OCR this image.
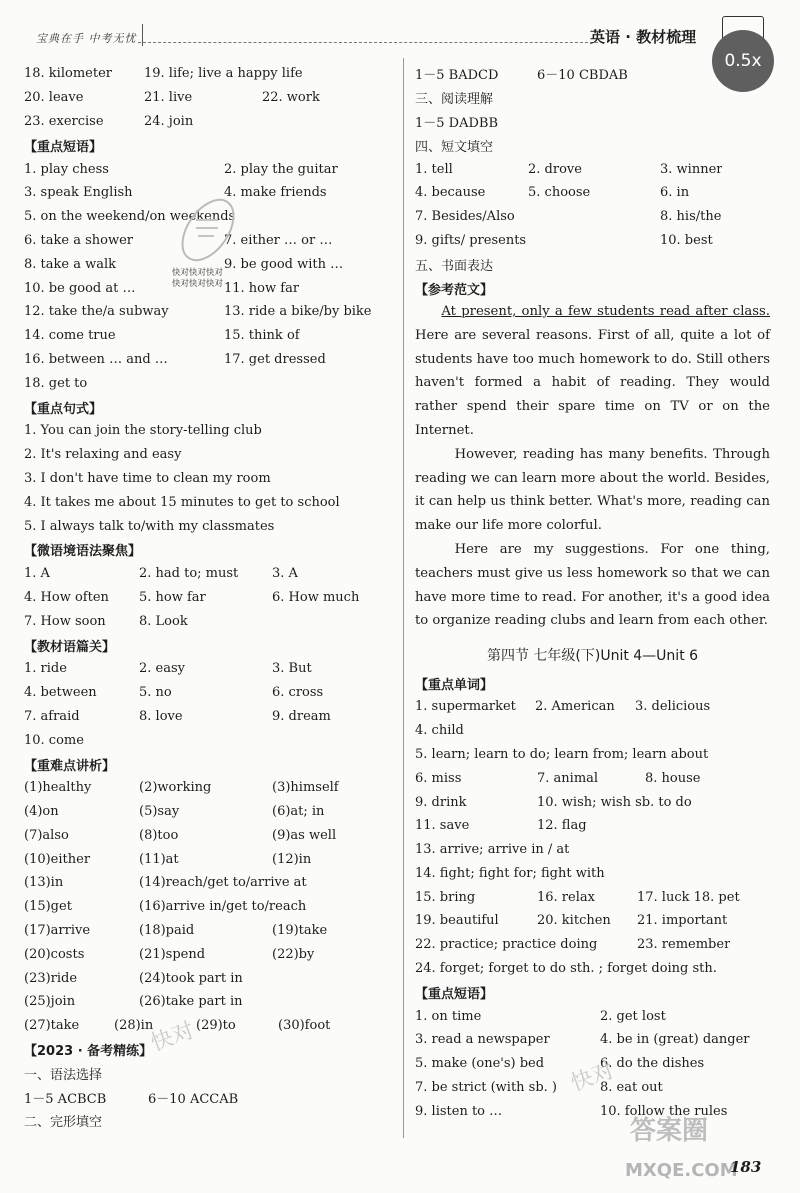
宝典在手 中考无忧	英语 · 教材梳理
0.5x
18. kilometer	19. life; live a happy life
20. leave	21. live	22. work
23. exercise	24. join
【重点短语】
1. play chess	2. play the guitar
3. speak English	4. make friends
5. on the weekend/on weekends
6. take a shower	7. either … or …
8. take a walk	9. be good with …
10. be good at …	11. how far
12. take the/a subway	13. ride a bike/by bike
14. come true	15. think of
16. between … and …	17. get dressed
18. get to
【重点句式】
1. You can join the story-telling club
2. It's relaxing and easy
3. I don't have time to clean my room
4. It takes me about 15 minutes to get to school
5. I always talk to/with my classmates
【微语境语法聚焦】
1. A	2. had to; must	3. A
4. How often	5. how far	6. How much
7. How soon	8. Look
【教材语篇关】
1. ride	2. easy	3. But
4. between	5. no	6. cross
7. afraid	8. love	9. dream
10. come
【重难点讲析】
(1)healthy	(2)working	(3)himself
(4)on	(5)say	(6)at; in
(7)also	(8)too	(9)as well
(10)either	(11)at	(12)in
(13)in	(14)reach/get to/arrive at
(15)get	(16)arrive in/get to/reach
(17)arrive	(18)paid	(19)take
(20)costs	(21)spend	(22)by
(23)ride	(24)took part in
(25)join	(26)take part in
(27)take	(28)in	(29)to	(30)foot
【2023 · 备考精练】
一、语法选择
1－5 ACBCB	6－10 ACCAB
二、完形填空
快对快对快对
快对快对快对
1－5 BADCD	6－10 CBDAB
三、阅读理解
1－5 DADBB
四、短文填空
1. tell	2. drove	3. winner
4. because	5. choose	6. in
7. Besides/Also	8. his/the
9. gifts/ presents	10. best
五、书面表达
【参考范文】

At present, only a few students read after class. Here are several reasons. First of all, quite a lot of students have too much homework to do. Still others haven't formed a habit of reading. They would rather spend their spare time on TV or on the Internet.

However, reading has many benefits. Through reading we can learn more about the world. Besides, it can help us think better. What's more, reading can make our life more colorful.

Here are my suggestions. For one thing, teachers must give us less homework so that we can have more time to read. For another, it's a good idea to organize reading clubs and learn from each other.

第四节 七年级(下)Unit 4—Unit 6
【重点单词】
1. supermarket	2. American	3. delicious
4. child
5. learn; learn to do; learn from; learn about
6. miss	7. animal	8. house
9. drink	10. wish; wish sb. to do
11. save	12. flag
13. arrive; arrive in / at
14. fight; fight for; fight with
15. bring	16. relax	17. luck 18. pet
19. beautiful	20. kitchen	21. important
22. practice; practice doing	23. remember
24. forget; forget to do sth. ; forget doing sth.
【重点短语】
1. on time	2. get lost
3. read a newspaper	4. be in (great) danger
5. make (one's) bed	6. do the dishes
7. be strict (with sb. )	8. eat out
9. listen to …	10. follow the rules
快对
快对
答案圈
MXQE.COM
183
